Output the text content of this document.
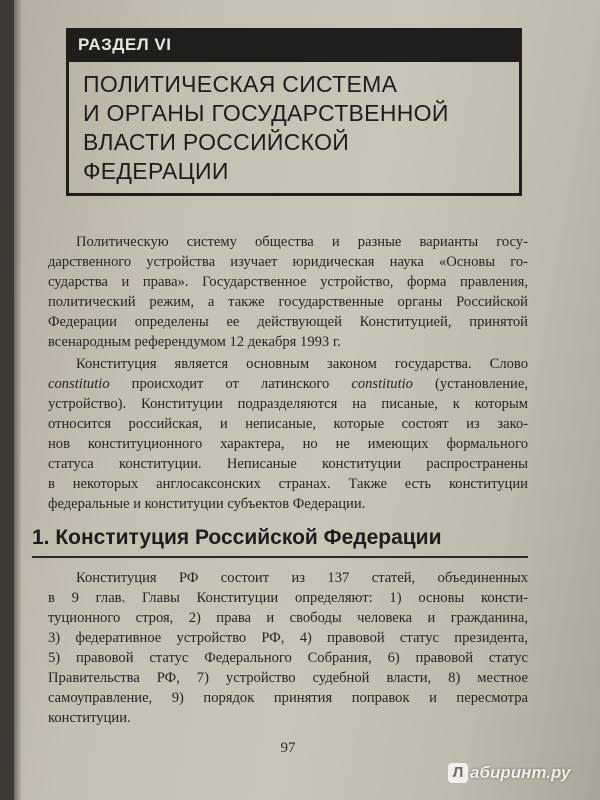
РАЗДЕЛ VI
ПОЛИТИЧЕСКАЯ СИСТЕМА
И ОРГАНЫ ГОСУДАРСТВЕННОЙ
ВЛАСТИ РОССИЙСКОЙ
ФЕДЕРАЦИИ
Политическую систему общества и разные варианты госу-
дарственного устройства изучает юридическая наука «Основы го-
сударства и права». Государственное устройство, форма правления,
политический режим, а также государственные органы Российской
Федерации определены ее действующей Конституцией, принятой
всенародным референдумом 12 декабря 1993 г.
Конституция является основным законом государства. Слово
constitutio происходит от латинского constitutio (установление,
устройство). Конституции подразделяются на писаные, к которым
относится российская, и неписаные, которые состоят из зако-
нов конституционного характера, но не имеющих формального
статуса конституции. Неписаные конституции распространены
в некоторых англосаксонских странах. Также есть конституции
федеральные и конституции субъектов Федерации.
1. Конституция Российской Федерации
Конституция РФ состоит из 137 статей, объединенных
в 9 глав. Главы Конституции определяют: 1) основы консти-
туционного строя, 2) права и свободы человека и гражданина,
3) федеративное устройство РФ, 4) правовой статус президента,
5) правовой статус Федерального Собрания, 6) правовой статус
Правительства РФ, 7) устройство судебной власти, 8) местное
самоуправление, 9) порядок принятия поправок и пересмотра
конституции.
97
Л абиринт.ру
